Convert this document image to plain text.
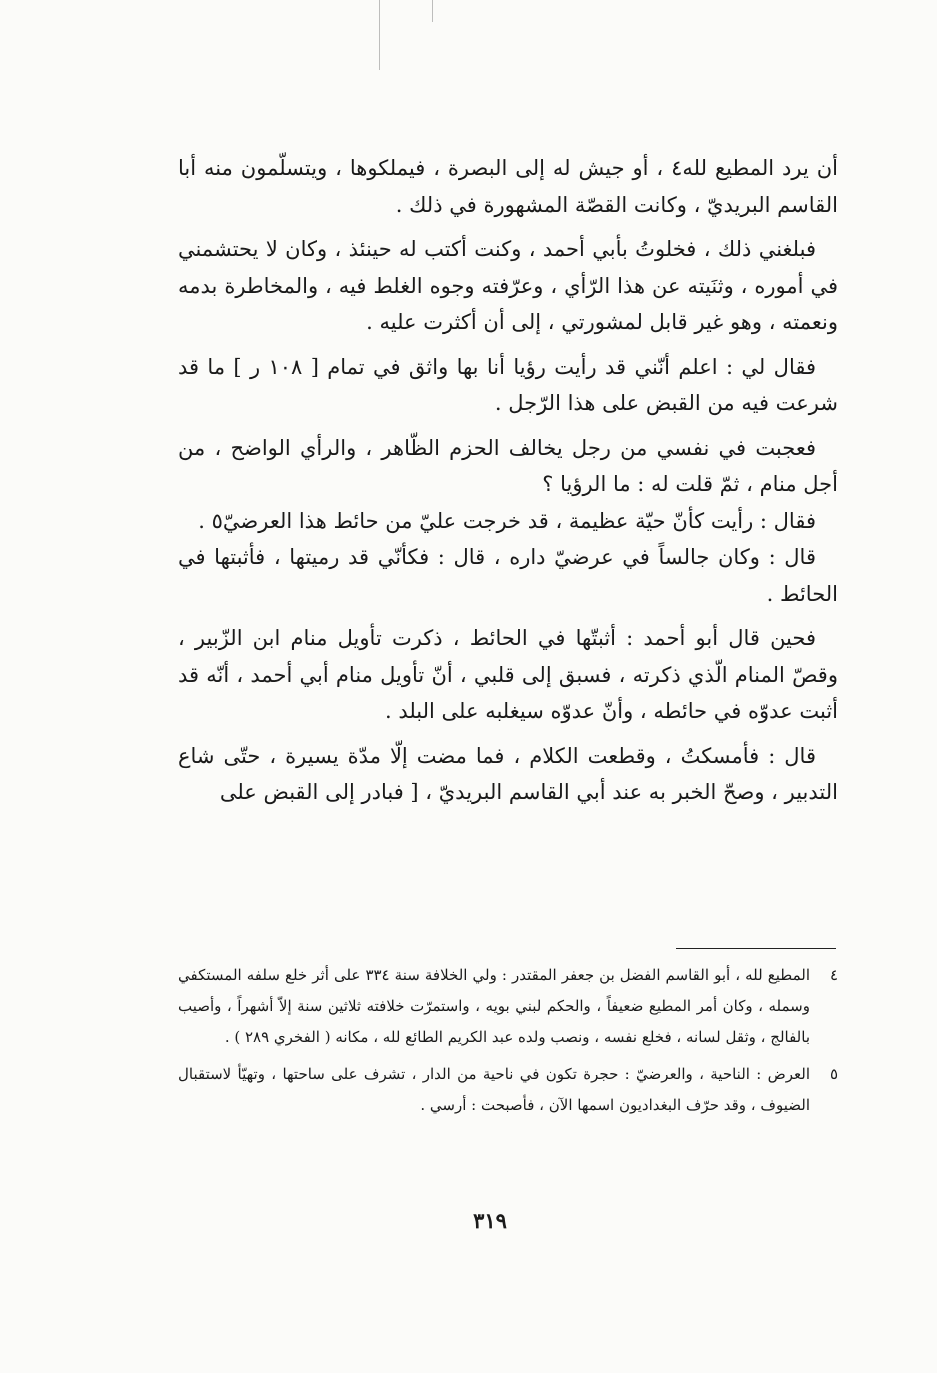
أن يرد المطيع لله٤ ، أو جيش له إلى البصرة ، فيملكوها ، ويتسلّمون منه أبا القاسم البريديّ ، وكانت القصّة المشهورة في ذلك .

فبلغني ذلك ، فخلوتُ بأبي أحمد ، وكنت أكتب له حينئذ ، وكان لا يحتشمني في أموره ، وثنَيته عن هذا الرّأي ، وعرّفته وجوه الغلط فيه ، والمخاطرة بدمه ونعمته ، وهو غير قابل لمشورتي ، إلى أن أكثرت عليه .

فقال لي : اعلم أنّني قد رأيت رؤيا أنا بها واثق في تمام [ ١٠٨ ر ] ما قد شرعت فيه من القبض على هذا الرّجل .

فعجبت في نفسي من رجل يخالف الحزم الظّاهر ، والرأي الواضح ، من أجل منام ، ثمّ قلت له : ما الرؤيا ؟

فقال : رأيت كأنّ حيّة عظيمة ، قد خرجت عليّ من حائط هذا العرضيّ٥ .

قال : وكان جالساً في عرضيّ داره ، قال : فكأنّي قد رميتها ، فأثبتها في الحائط .

فحين قال أبو أحمد : أثبتّها في الحائط ، ذكرت تأويل منام ابن الزّبير ، وقصّ المنام الّذي ذكرته ، فسبق إلى قلبي ، أنّ تأويل منام أبي أحمد ، أنّه قد أثبت عدوّه في حائطه ، وأنّ عدوّه سيغلبه على البلد .

قال : فأمسكتُ ، وقطعت الكلام ، فما مضت إلّا مدّة يسيرة ، حتّى شاع التدبير ، وصحّ الخبر به عند أبي القاسم البريديّ ، [ فبادر إلى القبض على

٤
المطيع لله ، أبو القاسم الفضل بن جعفر المقتدر : ولي الخلافة سنة ٣٣٤ على أثر خلع سلفه المستكفي وسمله ، وكان أمر المطيع ضعيفاً ، والحكم لبني بويه ، واستمرّت خلافته ثلاثين سنة إلاّ أشهراً ، وأصيب بالفالج ، وثقل لسانه ، فخلع نفسه ، ونصب ولده عبد الكريم الطائع لله ، مكانه ( الفخري ٢٨٩ ) .
٥
العرض : الناحية ، والعرضيّ : حجرة تكون في ناحية من الدار ، تشرف على ساحتها ، وتهيّأ لاستقبال الضيوف ، وقد حرّف البغداديون اسمها الآن ، فأصبحت : أرسي .
٣١٩
